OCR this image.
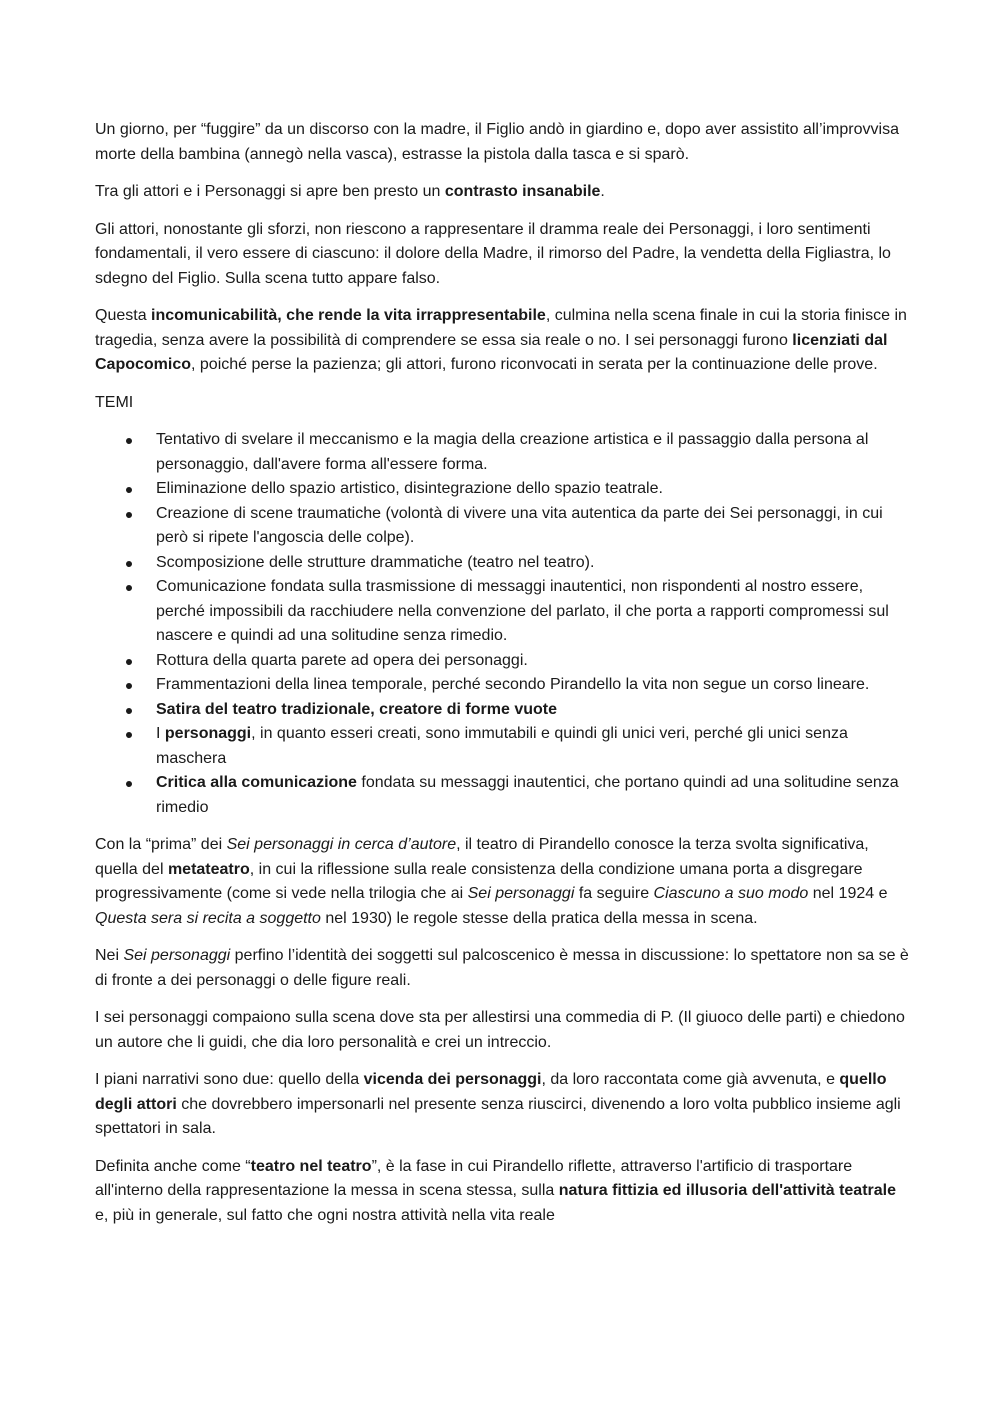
Un giorno, per “fuggire” da un discorso con la madre, il Figlio andò in giardino e, dopo aver assistito all’improvvisa morte della bambina (annegò nella vasca), estrasse la pistola dalla tasca e si sparò.

Tra gli attori e i Personaggi si apre ben presto un contrasto insanabile.

Gli attori, nonostante gli sforzi, non riescono a rappresentare il dramma reale dei Personaggi, i loro sentimenti fondamentali, il vero essere di ciascuno: il dolore della Madre, il rimorso del Padre, la vendetta della Figliastra, lo sdegno del Figlio. Sulla scena tutto appare falso.

Questa incomunicabilità, che rende la vita irrappresentabile, culmina nella scena finale in cui la storia finisce in tragedia, senza avere la possibilità di comprendere se essa sia reale o no. I sei personaggi furono licenziati dal Capocomico, poiché perse la pazienza; gli attori, furono riconvocati in serata per la continuazione delle prove.

TEMI

Tentativo di svelare il meccanismo e la magia della creazione artistica e il passaggio dalla persona al personaggio, dall'avere forma all'essere forma.
Eliminazione dello spazio artistico, disintegrazione dello spazio teatrale.
Creazione di scene traumatiche (volontà di vivere una vita autentica da parte dei Sei personaggi, in cui però si ripete l'angoscia delle colpe).
Scomposizione delle strutture drammatiche (teatro nel teatro).
Comunicazione fondata sulla trasmissione di messaggi inautentici, non rispondenti al nostro essere, perché impossibili da racchiudere nella convenzione del parlato, il che porta a rapporti compromessi sul nascere e quindi ad una solitudine senza rimedio.
Rottura della quarta parete ad opera dei personaggi.
Frammentazioni della linea temporale, perché secondo Pirandello la vita non segue un corso lineare.
Satira del teatro tradizionale, creatore di forme vuote
I personaggi, in quanto esseri creati, sono immutabili e quindi gli unici veri, perché gli unici senza maschera
Critica alla comunicazione fondata su messaggi inautentici, che portano quindi ad una solitudine senza rimedio

Con la “prima” dei Sei personaggi in cerca d’autore, il teatro di Pirandello conosce la terza svolta significativa, quella del metateatro, in cui la riflessione sulla reale consistenza della condizione umana porta a disgregare progressivamente (come si vede nella trilogia che ai Sei personaggi fa seguire Ciascuno a suo modo nel 1924 e Questa sera si recita a soggetto nel 1930) le regole stesse della pratica della messa in scena.

Nei Sei personaggi perfino l’identità dei soggetti sul palcoscenico è messa in discussione: lo spettatore non sa se è di fronte a dei personaggi o delle figure reali.

I sei personaggi compaiono sulla scena dove sta per allestirsi una commedia di P. (Il giuoco delle parti) e chiedono un autore che li guidi, che dia loro personalità e crei un intreccio.

I piani narrativi sono due: quello della vicenda dei personaggi, da loro raccontata come già avvenuta, e quello degli attori che dovrebbero impersonarli nel presente senza riuscirci, divenendo a loro volta pubblico insieme agli spettatori in sala.

Definita anche come “teatro nel teatro”, è la fase in cui Pirandello riflette, attraverso l'artificio di trasportare all'interno della rappresentazione la messa in scena stessa, sulla natura fittizia ed illusoria dell'attività teatrale e, più in generale, sul fatto che ogni nostra attività nella vita reale
